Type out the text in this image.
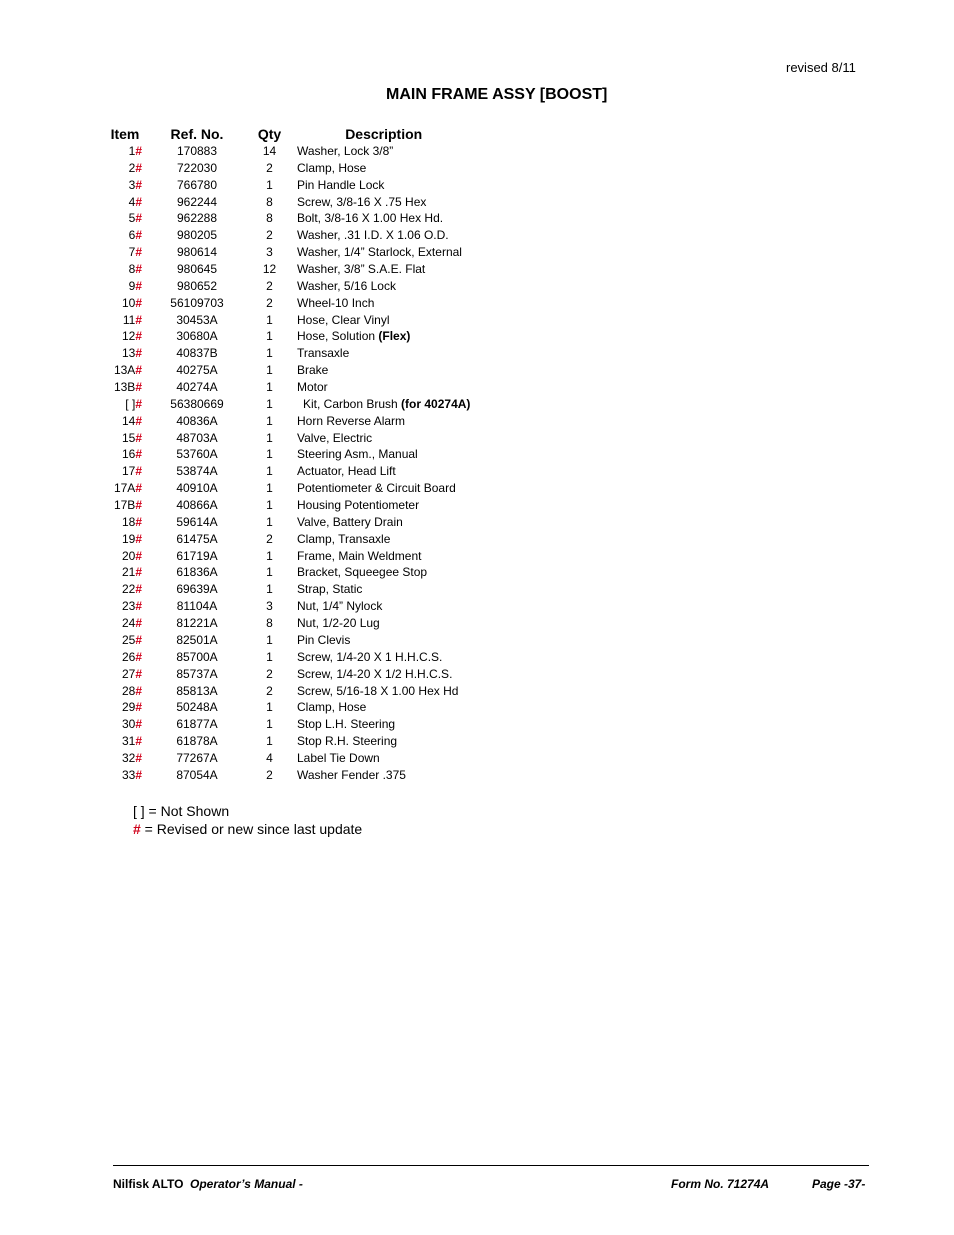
revised 8/11
MAIN FRAME ASSY [BOOST]
Item	Ref. No.	Qty	Description
1#	170883	14	Washer, Lock 3/8”
2#	722030	2	Clamp, Hose
3#	766780	1	Pin Handle Lock
4#	962244	8	Screw, 3/8-16 X .75 Hex
5#	962288	8	Bolt, 3/8-16 X 1.00 Hex Hd.
6#	980205	2	Washer, .31 I.D. X 1.06 O.D.
7#	980614	3	Washer, 1/4” Starlock, External
8#	980645	12	Washer, 3/8” S.A.E. Flat
9#	980652	2	Washer, 5/16 Lock
10#	56109703	2	Wheel-10 Inch
11#	30453A	1	Hose, Clear Vinyl
12#	30680A	1	Hose, Solution (Flex)
13#	40837B	1	Transaxle
13A#	40275A	1	Brake
13B#	40274A	1	Motor
[ ]#	56380669	1	Kit, Carbon Brush (for 40274A)
14#	40836A	1	Horn Reverse Alarm
15#	48703A	1	Valve, Electric
16#	53760A	1	Steering Asm., Manual
17#	53874A	1	Actuator, Head Lift
17A#	40910A	1	Potentiometer & Circuit Board
17B#	40866A	1	Housing Potentiometer
18#	59614A	1	Valve, Battery Drain
19#	61475A	2	Clamp, Transaxle
20#	61719A	1	Frame, Main Weldment
21#	61836A	1	Bracket, Squeegee Stop
22#	69639A	1	Strap, Static
23#	81104A	3	Nut, 1/4” Nylock
24#	81221A	8	Nut, 1/2-20 Lug
25#	82501A	1	Pin Clevis
26#	85700A	1	Screw, 1/4-20 X 1 H.H.C.S.
27#	85737A	2	Screw, 1/4-20 X 1/2 H.H.C.S.
28#	85813A	2	Screw, 5/16-18 X 1.00 Hex Hd
29#	50248A	1	Clamp, Hose
30#	61877A	1	Stop L.H. Steering
31#	61878A	1	Stop R.H. Steering
32#	77267A	4	Label Tie Down
33#	87054A	2	Washer Fender .375
[ ] = Not Shown
# = Revised or new since last update
Nilfisk ALTO Operator’s Manual -	Form No. 71274A	Page -37-
